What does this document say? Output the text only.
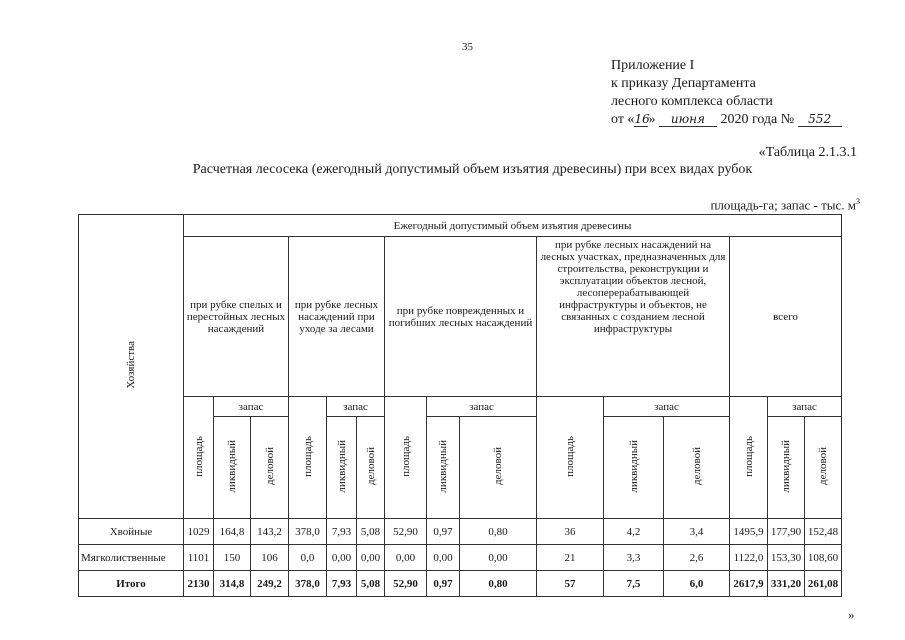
35
Приложение I
к приказу Департамента
лесного комплекса области
от «16» июня 2020 года № 552
«Таблица 2.1.3.1
Расчетная лесосека (ежегодный допустимый объем изъятия древесины) при всех видах рубок
площадь-га; запас - тыс. $м^3$
Хозяйства	Ежегодный допустимый объем изъятия древесины														
	при рубке спелых и перестойных лесных насаждений			при рубке лесных насаждений при уходе за лесами			при рубке поврежденных и погибших лесных насаждений			при рубке лесных насаждений на лесных участках, предназначенных для строительства, реконструкции и эксплуатации объектов лесной, лесоперерабатывающей инфраструктуры и объектов, не связанных с созданием лесной инфраструктуры			всего		
	площадь	запас		площадь	запас		площадь	запас		площадь	запас		площадь	запас	
		ликвидный	деловой		ликвидный	деловой		ликвидный	деловой		ликвидный	деловой		ликвидный	деловой
Хвойные	1029	164,8	143,2	378,0	7,93	5,08	52,90	0,97	0,80	36	4,2	3,4	1495,9	177,90	152,48
Мягколиственные	1101	150	106	0,0	0,00	0,00	0,00	0,00	0,00	21	3,3	2,6	1122,0	153,30	108,60
Итого	2130	314,8	249,2	378,0	7,93	5,08	52,90	0,97	0,80	57	7,5	6,0	2617,9	331,20	261,08
»
